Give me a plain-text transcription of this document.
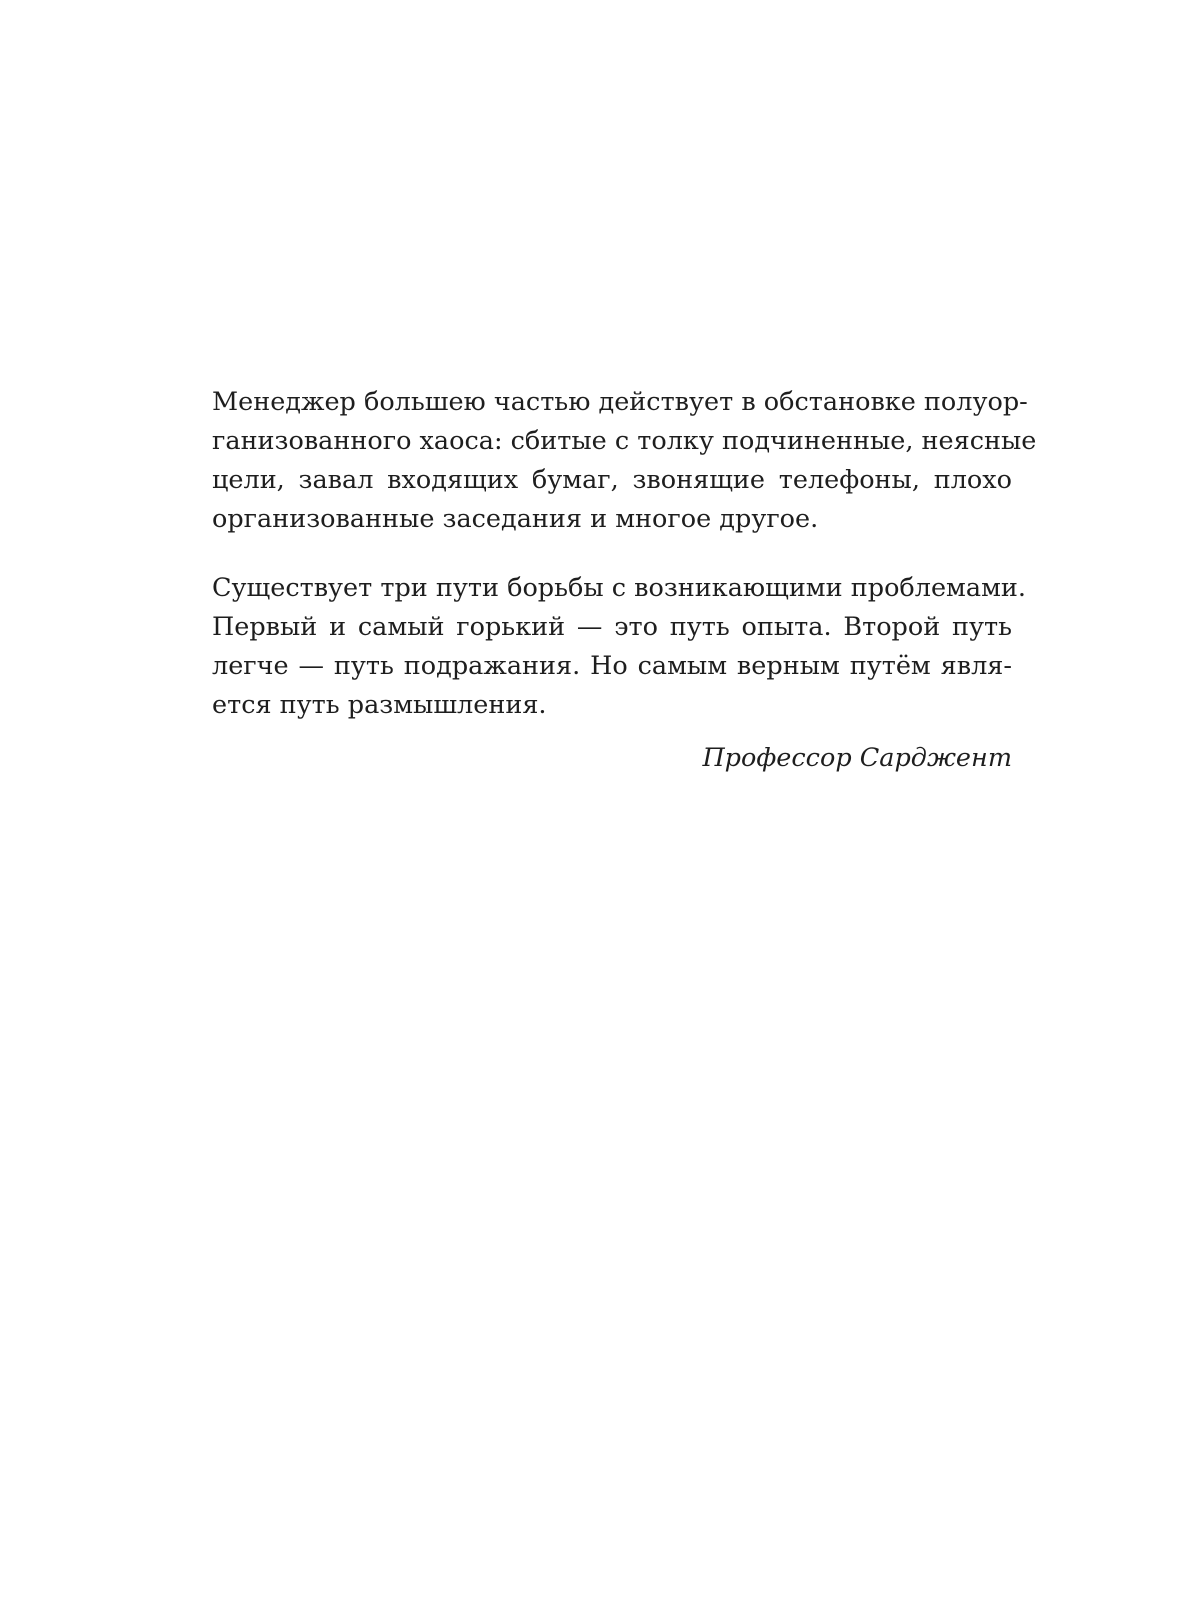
Менеджер большею частью действует в обстановке полуор-
ганизованного хаоса: сбитые с толку подчиненные, неясные
цели, завал входящих бумаг, звонящие телефоны, плохо
организованные заседания и многое другое.
Существует три пути борьбы с возникающими проблемами.
Первый и самый горький — это путь опыта. Второй путь
легче — путь подражания. Но самым верным путём явля-
ется путь размышления.
Профессор Сарджент
